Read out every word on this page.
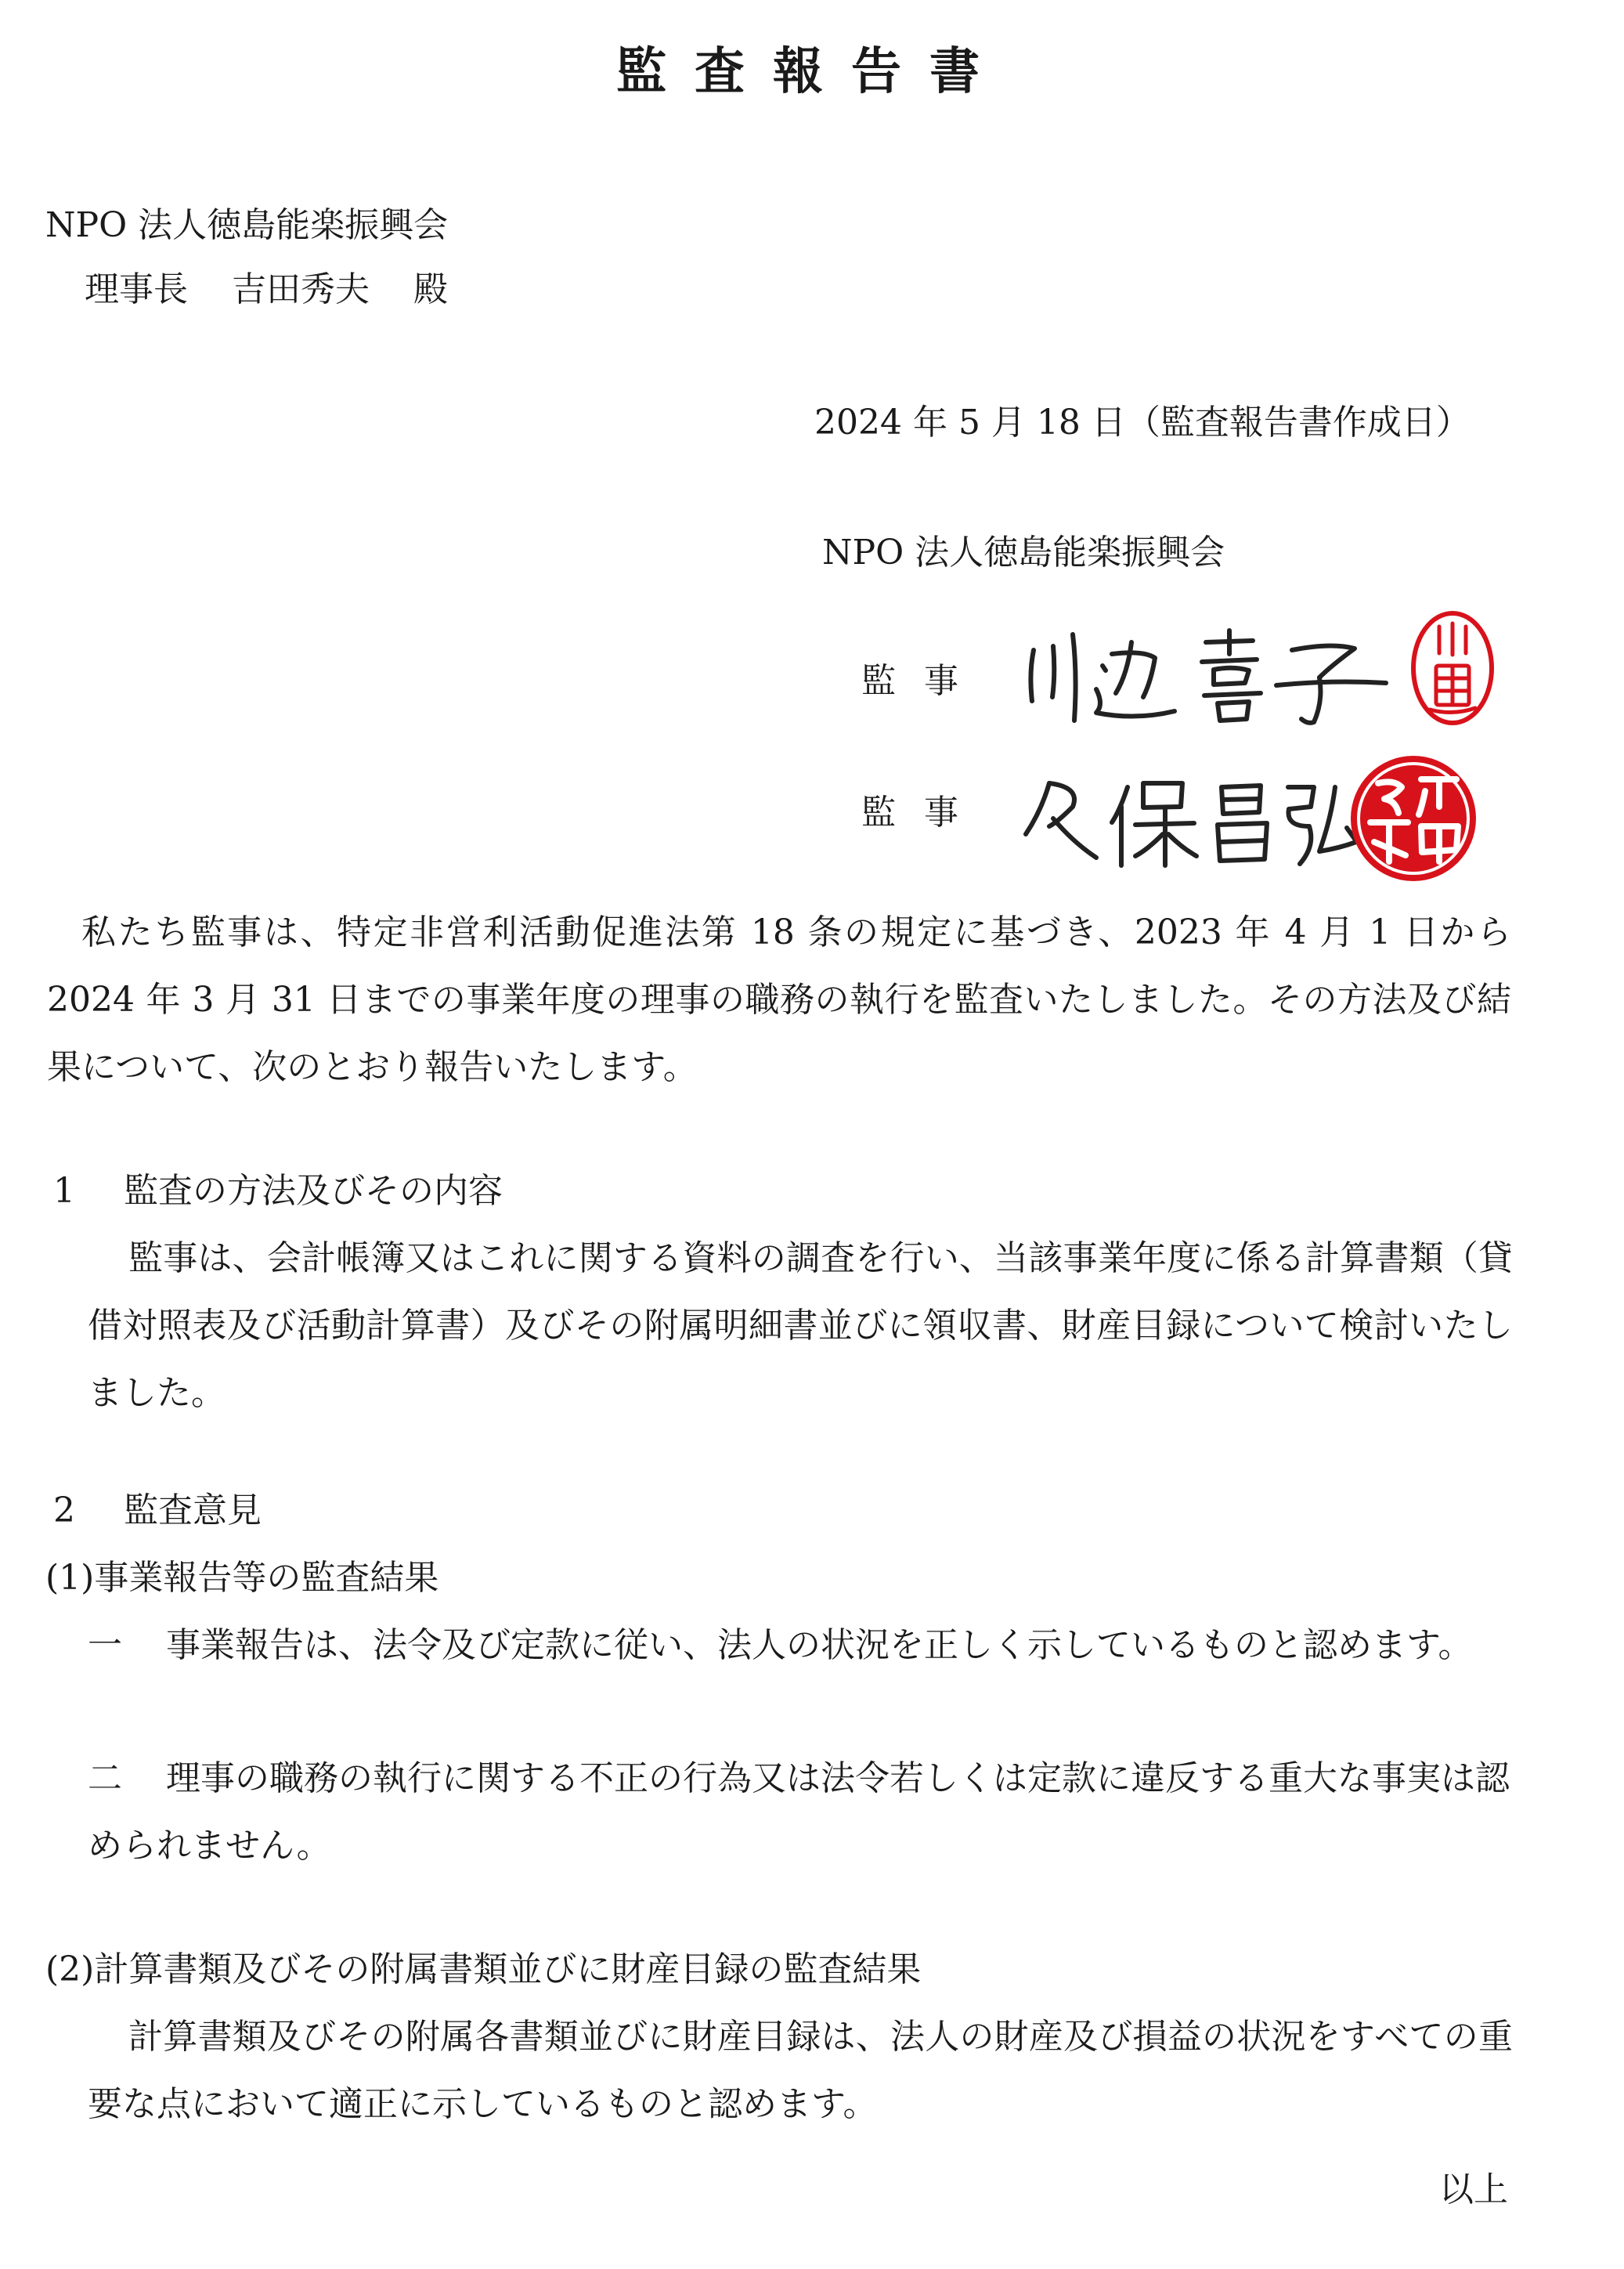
監査報告書
NPO 法人徳島能楽振興会
理事長 吉田秀夫 殿
2024 年 5 月 18 日（監査報告書作成日）
NPO 法人徳島能楽振興会
監事
監事

私たち監事は、特定非営利活動促進法第 18 条の規定に基づき、2023 年 4 月 1 日から 2024 年 3 月 31 日までの事業年度の理事の職務の執行を監査いたしました。その方法及び結果について、次のとおり報告いたします。

1 監査の方法及びその内容

監事は、会計帳簿又はこれに関する資料の調査を行い、当該事業年度に係る計算書類（貸借対照表及び活動計算書）及びその附属明細書並びに領収書、財産目録について検討いたしました。

2 監査意見
(1)事業報告等の監査結果
一 事業報告は、法令及び定款に従い、法人の状況を正しく示しているものと認めます。
二 理事の職務の執行に関する不正の行為又は法令若しくは定款に違反する重大な事実は認められません。
(2)計算書類及びその附属書類並びに財産目録の監査結果

計算書類及びその附属各書類並びに財産目録は、法人の財産及び損益の状況をすべての重要な点において適正に示しているものと認めます。

以上
